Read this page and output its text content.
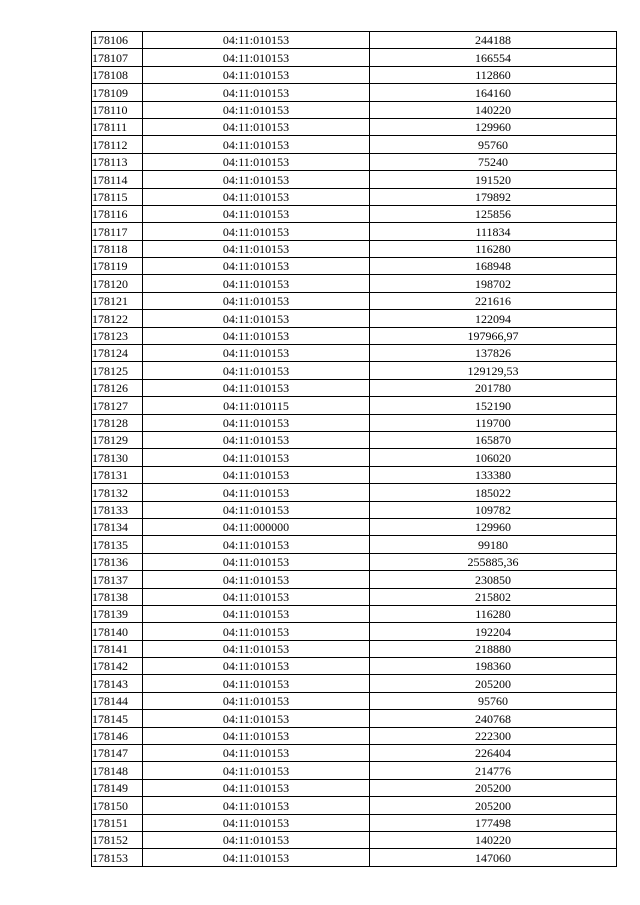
178106	04:11:010153	244188
178107	04:11:010153	166554
178108	04:11:010153	112860
178109	04:11:010153	164160
178110	04:11:010153	140220
178111	04:11:010153	129960
178112	04:11:010153	95760
178113	04:11:010153	75240
178114	04:11:010153	191520
178115	04:11:010153	179892
178116	04:11:010153	125856
178117	04:11:010153	111834
178118	04:11:010153	116280
178119	04:11:010153	168948
178120	04:11:010153	198702
178121	04:11:010153	221616
178122	04:11:010153	122094
178123	04:11:010153	197966,97
178124	04:11:010153	137826
178125	04:11:010153	129129,53
178126	04:11:010153	201780
178127	04:11:010115	152190
178128	04:11:010153	119700
178129	04:11:010153	165870
178130	04:11:010153	106020
178131	04:11:010153	133380
178132	04:11:010153	185022
178133	04:11:010153	109782
178134	04:11:000000	129960
178135	04:11:010153	99180
178136	04:11:010153	255885,36
178137	04:11:010153	230850
178138	04:11:010153	215802
178139	04:11:010153	116280
178140	04:11:010153	192204
178141	04:11:010153	218880
178142	04:11:010153	198360
178143	04:11:010153	205200
178144	04:11:010153	95760
178145	04:11:010153	240768
178146	04:11:010153	222300
178147	04:11:010153	226404
178148	04:11:010153	214776
178149	04:11:010153	205200
178150	04:11:010153	205200
178151	04:11:010153	177498
178152	04:11:010153	140220
178153	04:11:010153	147060
